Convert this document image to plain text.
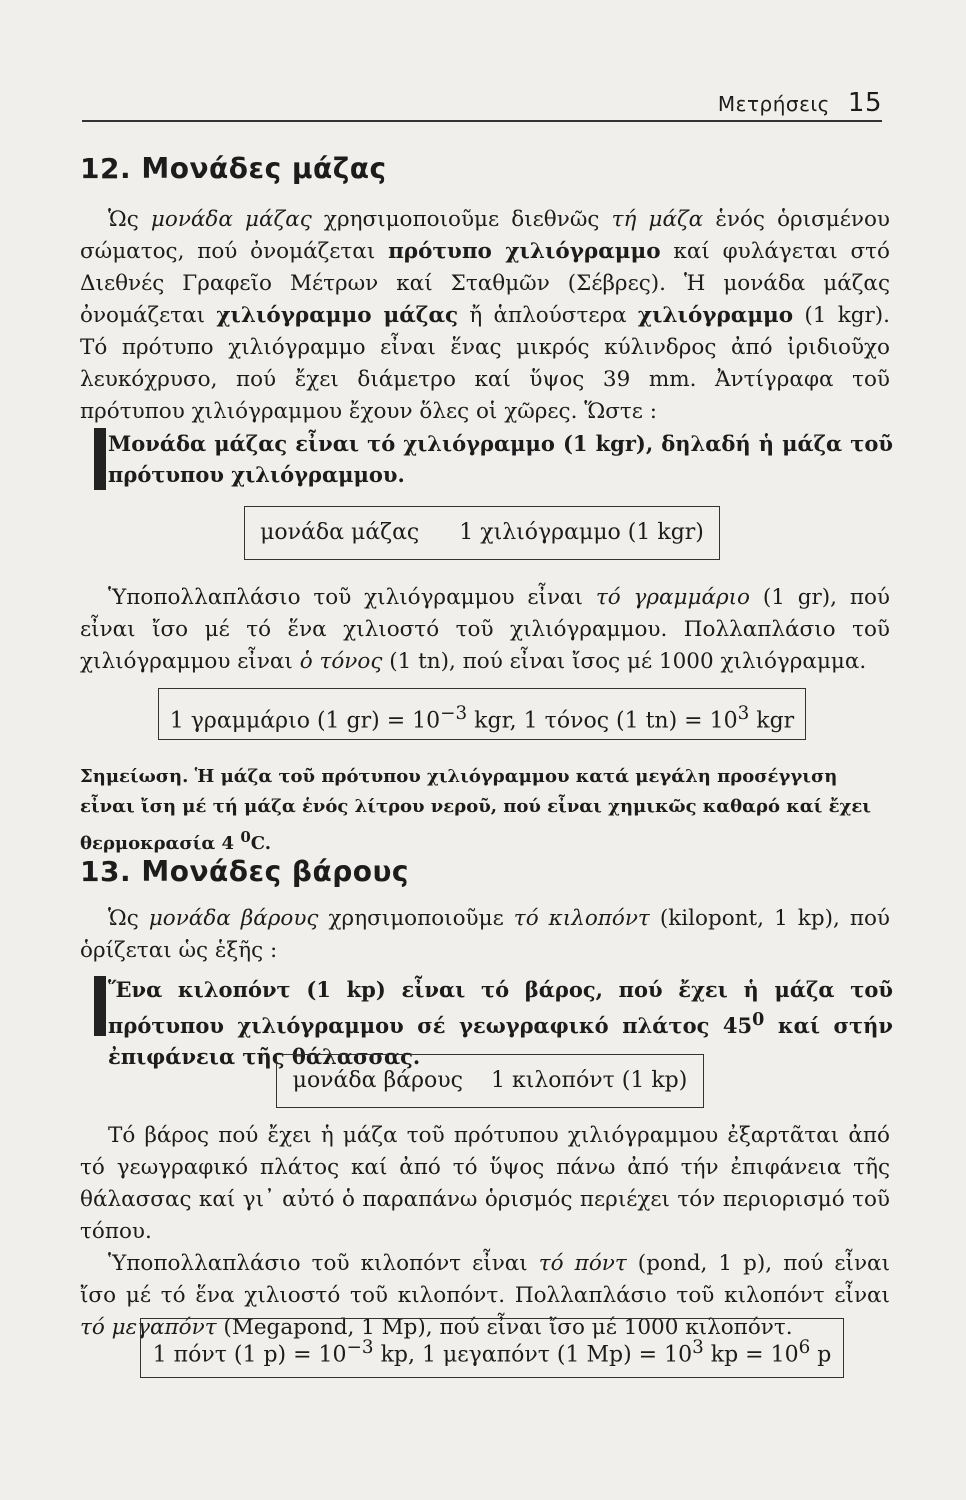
Μετρήσεις 15
12. Μονάδες μάζας
Ὡς μονάδα μάζας χρησιμοποιοῦμε διεθνῶς τή μάζα ἑνός ὁρισμένου σώματος, πού ὀνομάζεται πρότυπο χιλιόγραμμο καί φυλάγεται στό Διεθνές Γραφεῖο Μέτρων καί Σταθμῶν (Σέβρες). Ἡ μονάδα μάζας ὀνομάζεται χιλιόγραμμο μάζας ἤ ἁπλούστερα χιλιόγραμμο (1 kgr). Τό πρότυπο χιλιόγραμμο εἶναι ἕνας μικρός κύλινδρος ἀπό ἰριδιοῦχο λευκόχρυσο, πού ἔχει διάμετρο καί ὕψος 39 mm. Ἀντίγραφα τοῦ πρότυπου χιλιόγραμμου ἔχουν ὅλες οἱ χῶρες. Ὥστε :
Μονάδα μάζας εἶναι τό χιλιόγραμμο (1 kgr), δηλαδή ἡ μάζα τοῦ πρότυπου χιλιόγραμμου.
μονάδα μάζας 1 χιλιόγραμμο (1 kgr)
Ὑποπολλαπλάσιο τοῦ χιλιόγραμμου εἶναι τό γραμμάριο (1 gr), πού εἶναι ἴσο μέ τό ἕνα χιλιοστό τοῦ χιλιόγραμμου. Πολλαπλάσιο τοῦ χιλιόγραμμου εἶναι ὁ τόνος (1 tn), πού εἶναι ἴσος μέ 1000 χιλιόγραμμα.
1 γραμμάριο (1 $gr) = 10^{-3}$ kgr, 1 τόνος (1 $tn) = 10^3$ kgr
Σημείωση. Ἡ μάζα τοῦ πρότυπου χιλιόγραμμου κατά μεγάλη προσέγγιση εἶναι ἴση μέ τή μάζα ἑνός λίτρου νεροῦ, πού εἶναι χημικῶς καθαρό καί ἔχει θερμοκρασία 4 $^0$C.
13. Μονάδες βάρους
Ὡς μονάδα βάρους χρησιμοποιοῦμε τό κιλοπόντ (kilopont, 1 kp), πού ὁρίζεται ὡς ἑξῆς :
Ἕνα κιλοπόντ (1 kp) εἶναι τό βάρος, πού ἔχει ἡ μάζα τοῦ πρότυπου χιλιόγραμμου σέ γεωγραφικό πλάτος $45^0$ καί στήν ἐπιφάνεια τῆς θάλασσας.
μονάδα βάρους 1 κιλοπόντ (1 kp)
Τό βάρος πού ἔχει ἡ μάζα τοῦ πρότυπου χιλιόγραμμου ἐξαρτᾶται ἀπό τό γεωγραφικό πλάτος καί ἀπό τό ὕψος πάνω ἀπό τήν ἐπιφάνεια τῆς θάλασσας καί γι᾿ αὐτό ὁ παραπάνω ὁρισμός περιέχει τόν περιορισμό τοῦ τόπου.
Ὑποπολλαπλάσιο τοῦ κιλοπόντ εἶναι τό πόντ (pond, 1 p), πού εἶναι ἴσο μέ τό ἕνα χιλιοστό τοῦ κιλοπόντ. Πολλαπλάσιο τοῦ κιλοπόντ εἶναι τό μεγαπόντ (Megapond, 1 Mp), πού εἶναι ἴσο μέ 1000 κιλοπόντ.
1 πόντ (1 $p) = 10^{-3}$ kp, 1 μεγαπόντ (1 $Mp) = 10^3$ kp = $10^6$ p
